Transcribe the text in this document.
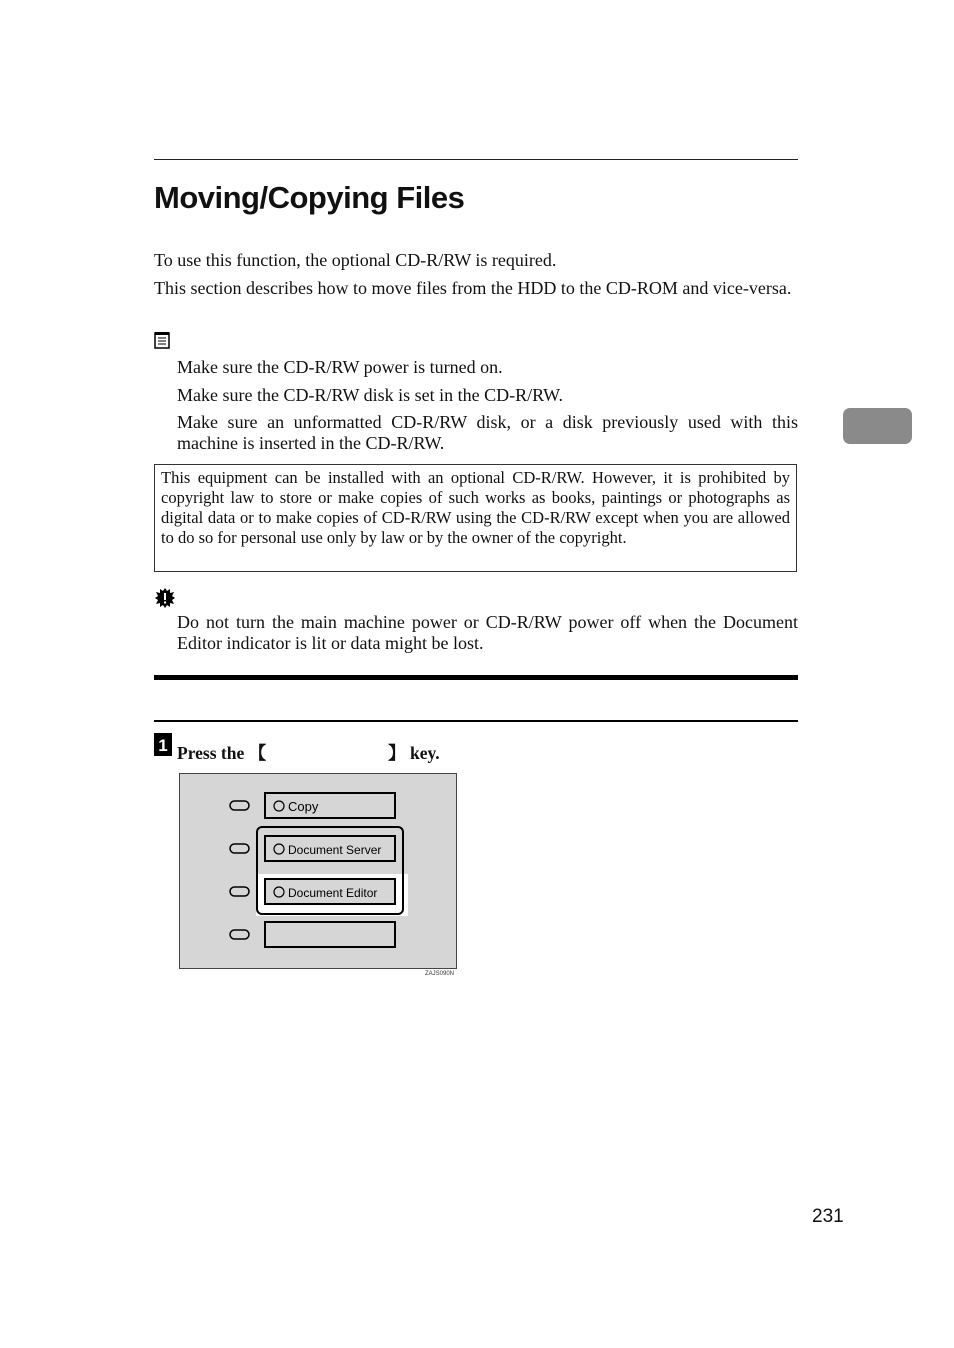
Moving/Copying Files

To use this function, the optional CD-R/RW is required.

This section describes how to move files from the HDD to the CD-ROM and vice-versa.

Make sure the CD-R/RW power is turned on.

Make sure the CD-R/RW disk is set in the CD-R/RW.

Make sure an unformatted CD-R/RW disk, or a disk previously used with this machine is inserted in the CD-R/RW.

This equipment can be installed with an optional CD-R/RW. However, it is prohibited by copyright law to store or make copies of such works as books, paintings or photographs as digital data or to make copies of CD-R/RW using the CD-R/RW except when you are allowed to do so for personal use only by law or by the owner of the copyright.

Do not turn the main machine power or CD-R/RW power off when the Document Editor indicator is lit or data might be lost.

1 Press the 【	】 key.
Copy
Document Server
Document Editor
ZAJS090N
231
